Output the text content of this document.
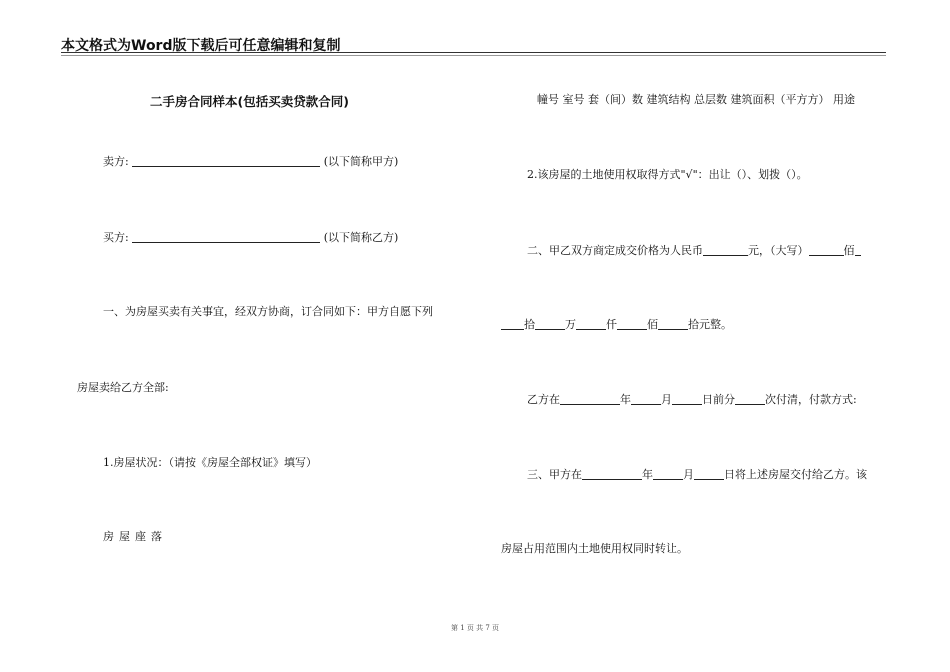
本文格式为Word版下载后可任意编辑和复制
二手房合同样本(包括买卖贷款合同)
卖方:	(以下简称甲方)
买方:	(以下简称乙方)
一、为房屋买卖有关事宜，经双方协商，订合同如下：甲方自愿下列
房屋卖给乙方全部:
1.房屋状况：（请按《房屋全部权证》填写）
房屋座落
幢号 室号 套（间）数 建筑结构 总层数 建筑面积（平方方） 用途
2.该房屋的土地使用权取得方式"√"：出让（）、划拨（）。
二、甲乙双方商定成交价格为人民币	元，（大写）	佰
拾	万	仟	佰	拾元整。
乙方在	年	月	日前分	次付清，付款方式:
三、甲方在	年	月	日将上述房屋交付给乙方。该
房屋占用范围内土地使用权同时转让。
第 1 页 共 7 页
